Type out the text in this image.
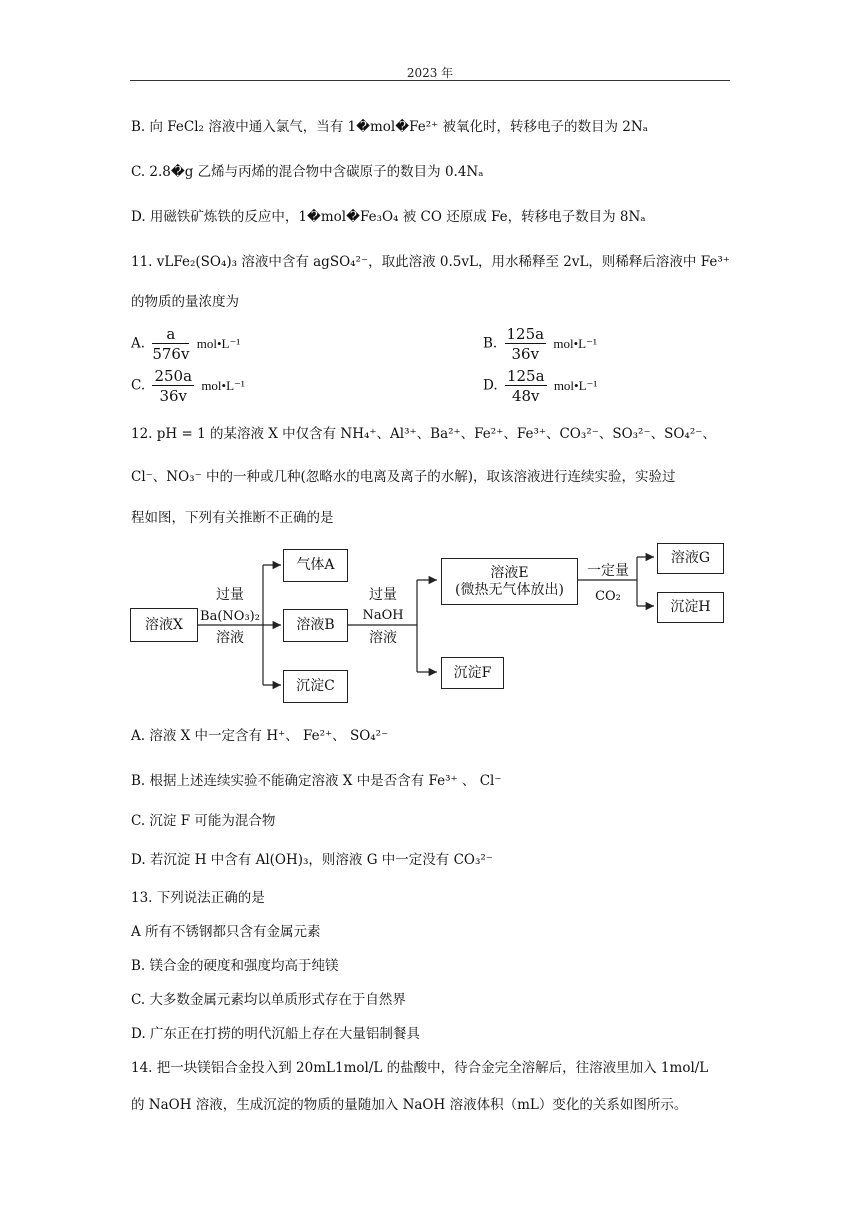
2023 年
B. 向 FeCl₂ 溶液中通入氯气，当有 1�mol�Fe²⁺ 被氧化时，转移电子的数目为 2Nₐ
C. 2.8�g 乙烯与丙烯的混合物中含碳原子的数目为 0.4Nₐ
D. 用磁铁矿炼铁的反应中，1�mol�Fe₃O₄ 被 CO 还原成 Fe，转移电子数目为 8Nₐ
11. vLFe₂(SO₄)₃ 溶液中含有 agSO₄²⁻，取此溶液 0.5vL，用水稀释至 2vL，则稀释后溶液中 Fe³⁺
的物质的量浓度为
A. $\frac{a}{576v}$ mol•L⁻¹	B. $\frac{125a}{36v}$ mol•L⁻¹
C. $\frac{250a}{36v}$ mol•L⁻¹	D. $\frac{125a}{48v}$ mol•L⁻¹
12. pH = 1 的某溶液 X 中仅含有 NH₄⁺、Al³⁺、Ba²⁺、Fe²⁺、Fe³⁺、CO₃²⁻、SO₃²⁻、SO₄²⁻、
Cl⁻、NO₃⁻ 中的一种或几种(忽略水的电离及离子的水解)，取该溶液进行连续实验，实验过
程如图，下列有关推断不正确的是
溶液X
过量
Ba(NO₃)₂
溶液
气体A
溶液B
沉淀C
过量
NaOH
溶液
溶液E
(微热无气体放出)
沉淀F
一定量
CO₂
溶液G
沉淀H
A. 溶液 X 中一定含有 H⁺、 Fe²⁺、 SO₄²⁻
B. 根据上述连续实验不能确定溶液 X 中是否含有 Fe³⁺ 、 Cl⁻
C. 沉淀 F 可能为混合物
D. 若沉淀 H 中含有 Al(OH)₃，则溶液 G 中一定没有 CO₃²⁻
13. 下列说法正确的是
A 所有不锈钢都只含有金属元素
B. 镁合金的硬度和强度均高于纯镁
C. 大多数金属元素均以单质形式存在于自然界
D. 广东正在打捞的明代沉船上存在大量铝制餐具
14. 把一块镁铝合金投入到 20mL1mol/L 的盐酸中，待合金完全溶解后，往溶液里加入 1mol/L
的 NaOH 溶液，生成沉淀的物质的量随加入 NaOH 溶液体积（mL）变化的关系如图所示。
